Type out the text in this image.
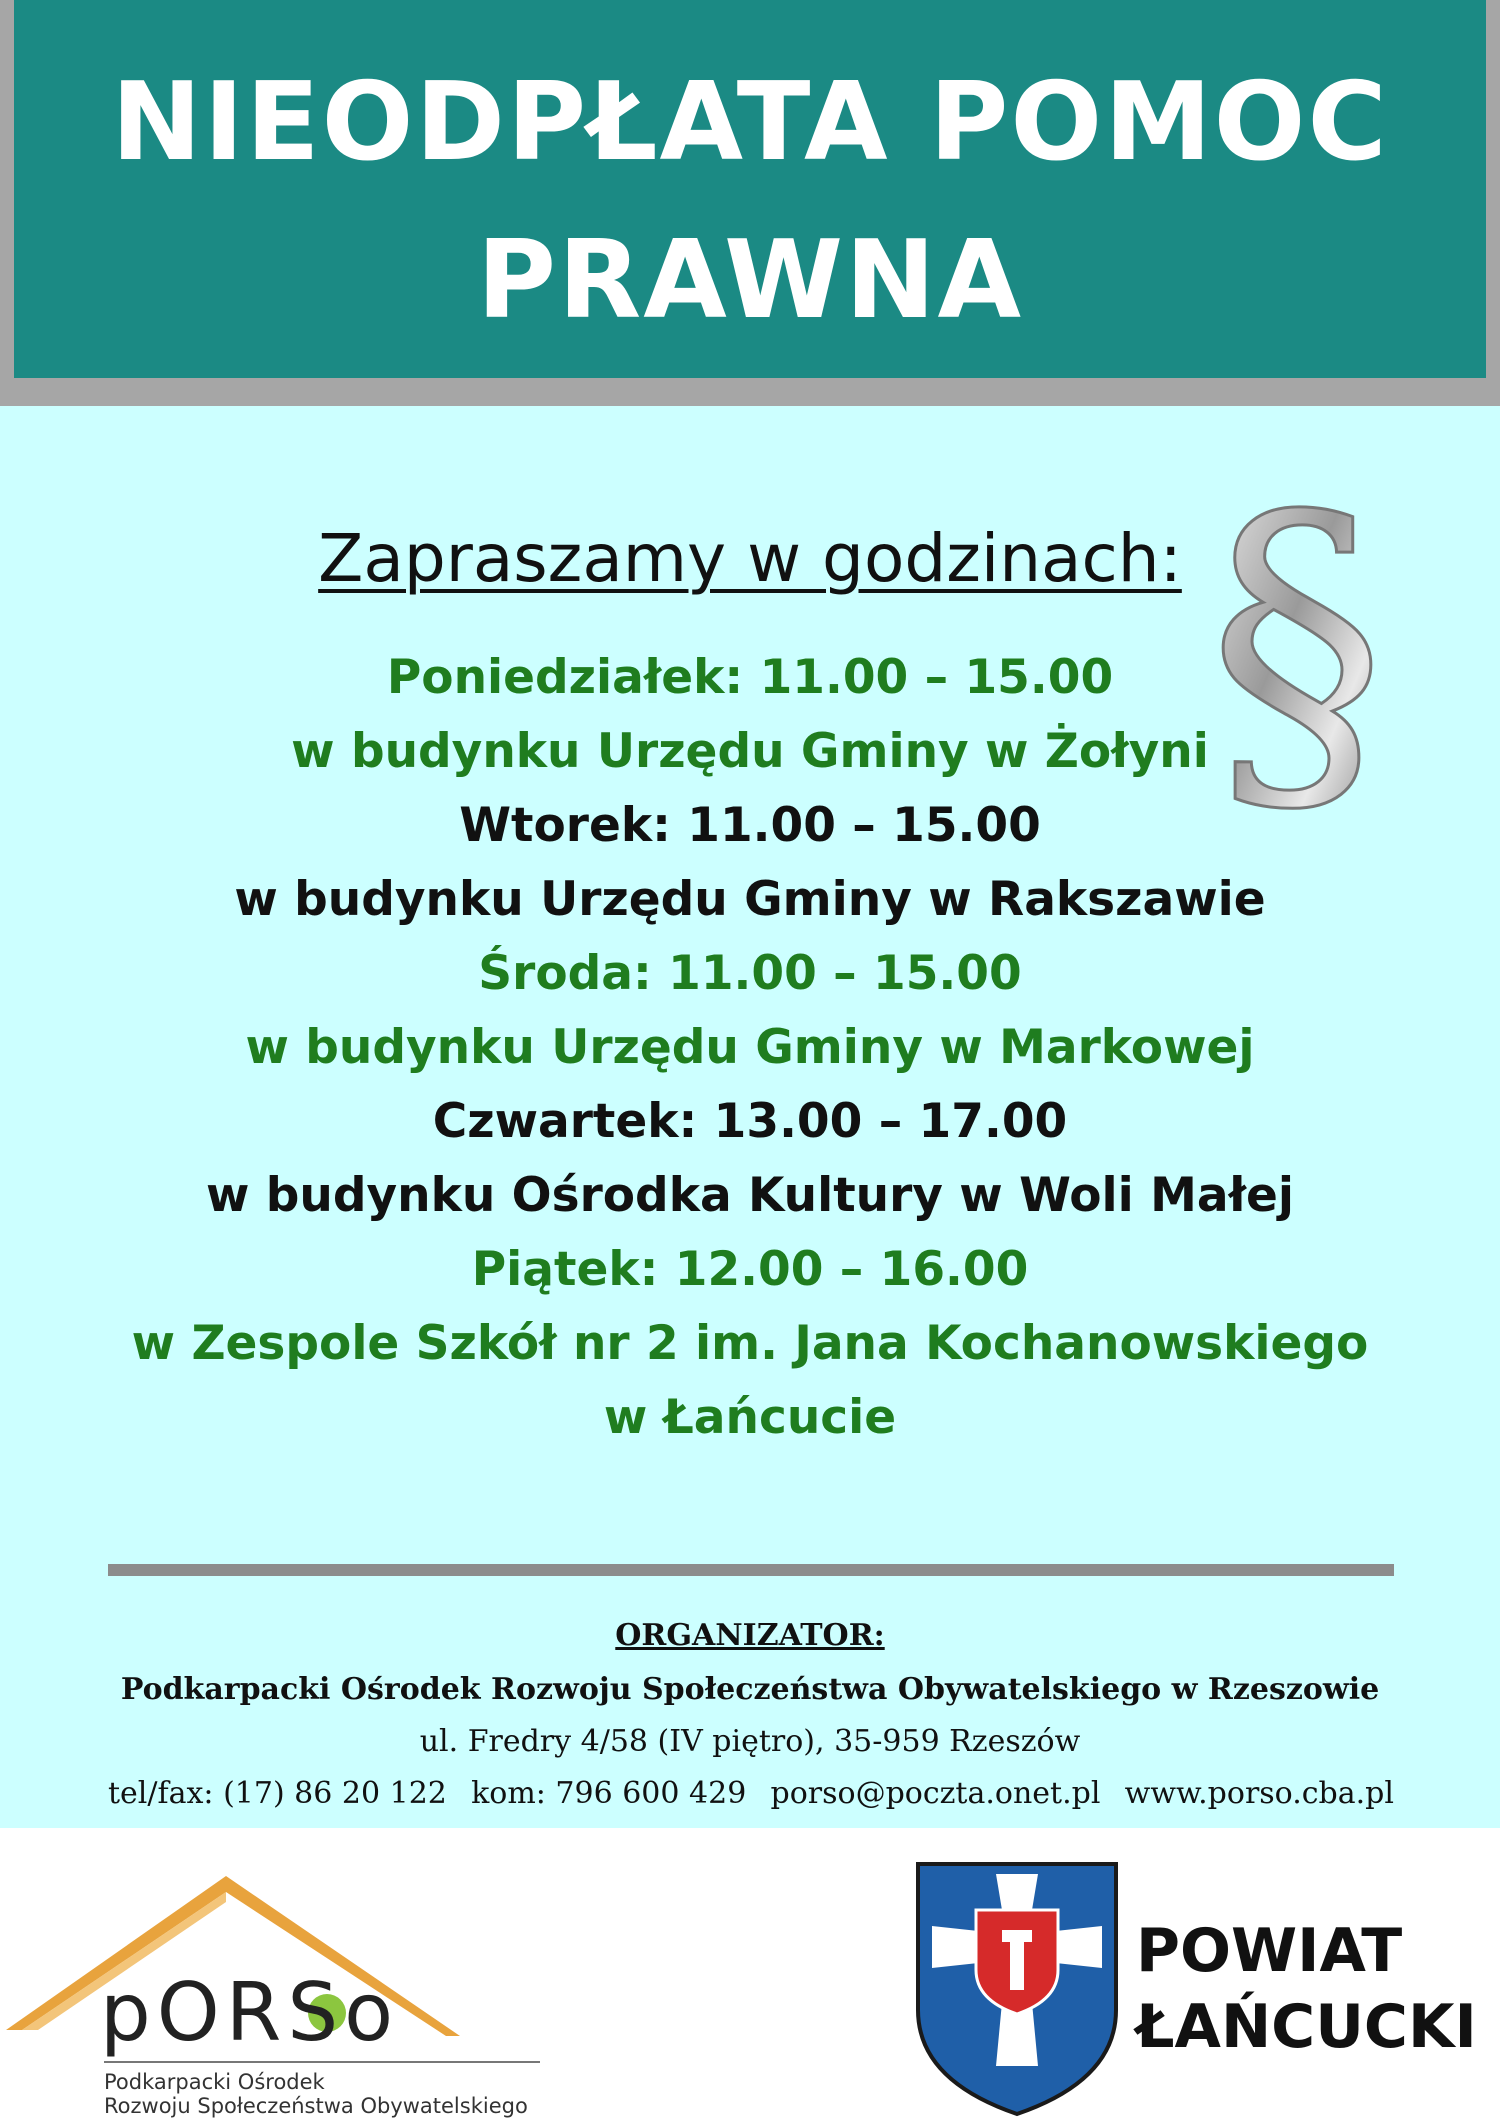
NIEODPŁATA POMOC
PRAWNA
§
Zapraszamy w godzinach:
Poniedziałek: 11.00 – 15.00
w budynku Urzędu Gminy w Żołyni
Wtorek: 11.00 – 15.00
w budynku Urzędu Gminy w Rakszawie
Środa: 11.00 – 15.00
w budynku Urzędu Gminy w Markowej
Czwartek: 13.00 – 17.00
w budynku Ośrodka Kultury w Woli Małej
Piątek: 12.00 – 16.00
w Zespole Szkół nr 2 im. Jana Kochanowskiego
w Łańcucie
ORGANIZATOR:
Podkarpacki Ośrodek Rozwoju Społeczeństwa Obywatelskiego w Rzeszowie
ul. Fredry 4/58 (IV piętro), 35-959 Rzeszów
tel/fax: (17) 86 20 122 kom: 796 600 429 porso@poczta.onet.pl www.porso.cba.pl
pORSo
Podkarpacki Ośrodek
Rozwoju Społeczeństwa Obywatelskiego
POWIAT
ŁAŃCUCKI
